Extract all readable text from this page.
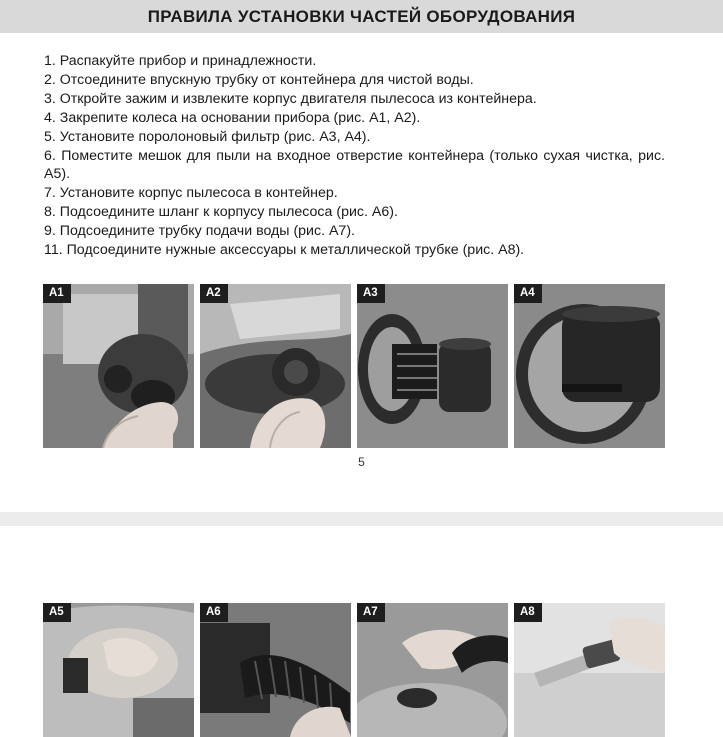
ПРАВИЛА УСТАНОВКИ ЧАСТЕЙ ОБОРУДОВАНИЯ
1. Распакуйте прибор и принадлежности.
2. Отсоедините впускную трубку от контейнера для чистой воды.
3. Откройте зажим и извлеките корпус двигателя пылесоса из контейнера.
4. Закрепите колеса на основании прибора (рис. А1, А2).
5. Установите поролоновый фильтр (рис. А3, А4).
6. Поместите мешок для пыли на входное отверстие контейнера (только сухая чистка, рис. А5).
7. Установите корпус пылесоса в контейнер.
8. Подсоедините шланг к корпусу пылесоса (рис. А6).
9. Подсоедините трубку подачи воды (рис. А7).
11. Подсоедините нужные аксессуары к металлической трубке (рис. А8).
А1	А2	А3	А4
5
А5	А6	А7	А8
